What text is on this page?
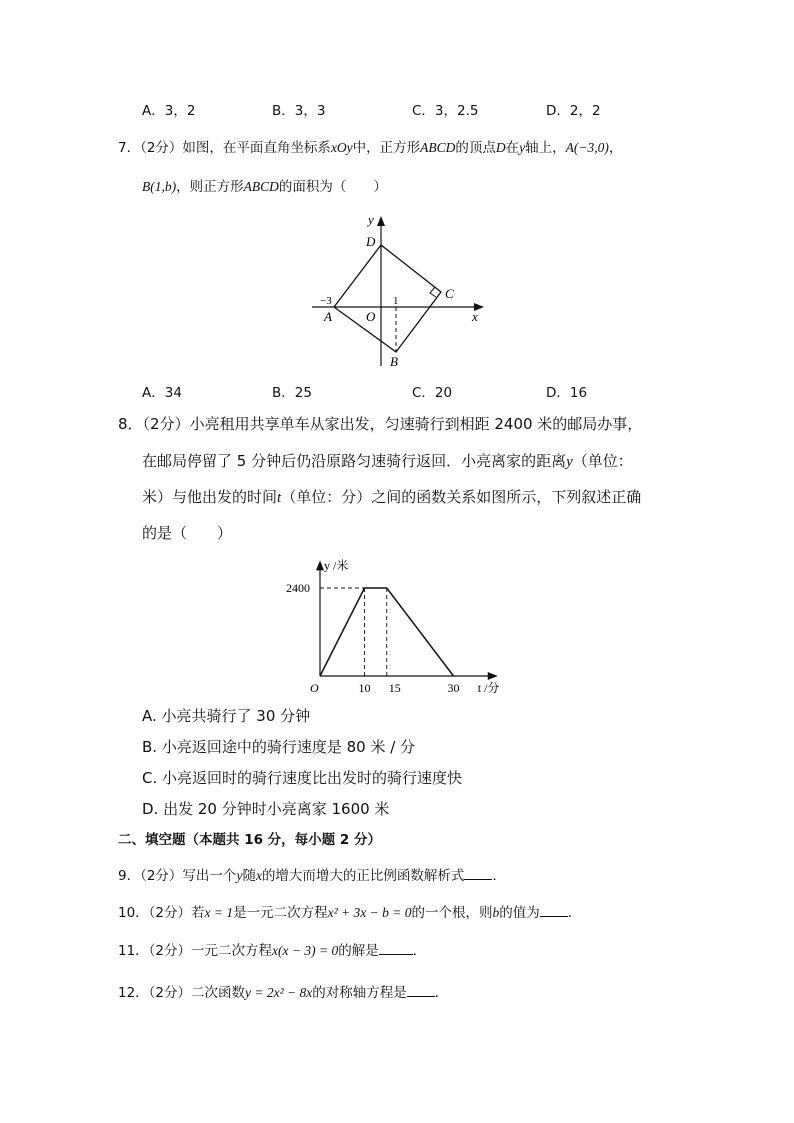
A．3，2	B．3，3	C．3，2.5	D．2，2
7．（2分）如图，在平面直角坐标系xOy中，正方形ABCD的顶点D在y轴上，A(−3,0)，
B(1,b)，则正方形ABCD的面积为（　　）
y
D
C
x
A	O
−3	1
B
A．34	B．25	C．20	D．16
8．（2分）小亮租用共享单车从家出发，匀速骑行到相距 2400 米的邮局办事，
在邮局停留了 5 分钟后仍沿原路匀速骑行返回．小亮离家的距离y（单位：
米）与他出发的时间t（单位：分）之间的函数关系如图所示，下列叙述正确
的是（　　）
y /米
t /分
O
2400
10 15	30
A. 小亮共骑行了 30 分钟
B. 小亮返回途中的骑行速度是 80 米 / 分
C. 小亮返回时的骑行速度比出发时的骑行速度快
D. 出发 20 分钟时小亮离家 1600 米
二、填空题（本题共 16 分，每小题 2 分）
9．（2分）写出一个y随x的增大而增大的正比例函数解析式 ．
10．（2分）若x = 1是一元二次方程x² + 3x − b = 0的一个根，则b的值为 ．
11．（2分）一元二次方程x(x − 3) = 0的解是	．
12．（2分）二次函数y = 2x² − 8x的对称轴方程是 ．
